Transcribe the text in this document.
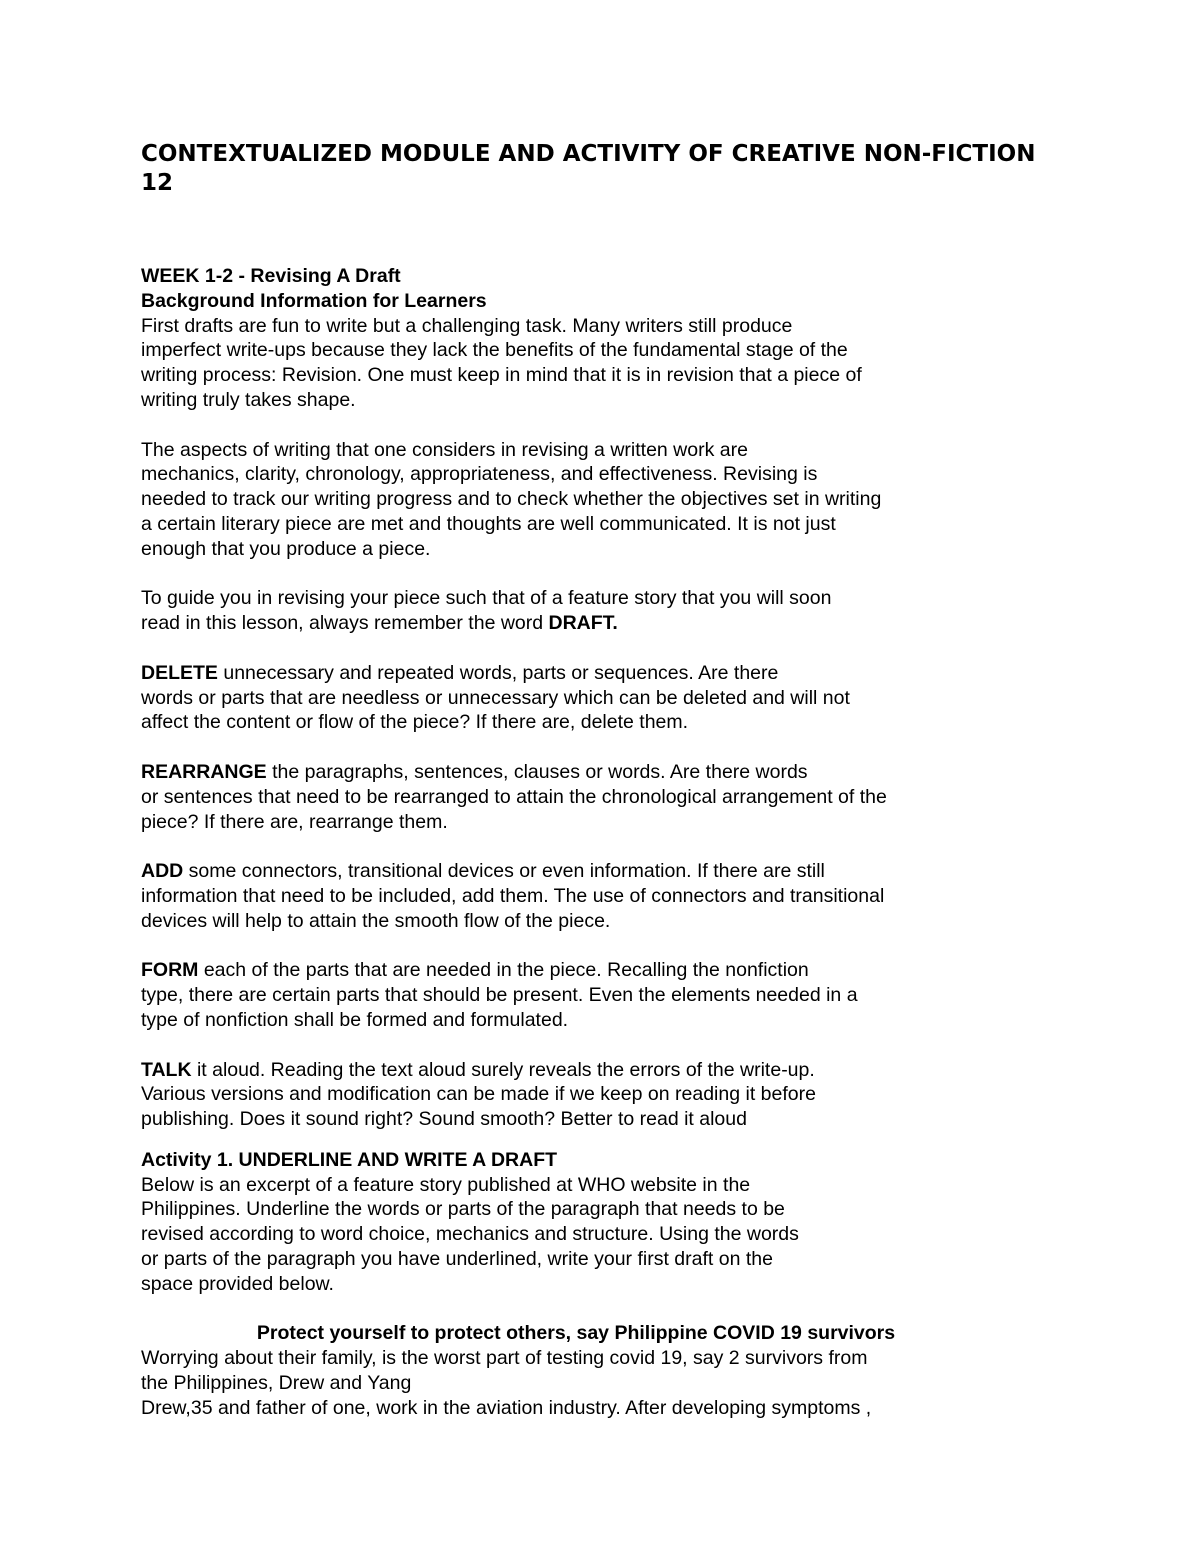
CONTEXTUALIZED MODULE AND ACTIVITY OF CREATIVE NON-FICTION
12
WEEK 1-2 - Revising A Draft
Background Information for Learners
First drafts are fun to write but a challenging task. Many writers still produce
imperfect write-ups because they lack the benefits of the fundamental stage of the
writing process: Revision. One must keep in mind that it is in revision that a piece of
writing truly takes shape.
The aspects of writing that one considers in revising a written work are
mechanics, clarity, chronology, appropriateness, and effectiveness. Revising is
needed to track our writing progress and to check whether the objectives set in writing
a certain literary piece are met and thoughts are well communicated. It is not just
enough that you produce a piece.
To guide you in revising your piece such that of a feature story that you will soon
read in this lesson, always remember the word DRAFT.
DELETE unnecessary and repeated words, parts or sequences. Are there
words or parts that are needless or unnecessary which can be deleted and will not
affect the content or flow of the piece? If there are, delete them.
REARRANGE the paragraphs, sentences, clauses or words. Are there words
or sentences that need to be rearranged to attain the chronological arrangement of the
piece? If there are, rearrange them.
ADD some connectors, transitional devices or even information. If there are still
information that need to be included, add them. The use of connectors and transitional
devices will help to attain the smooth flow of the piece.
FORM each of the parts that are needed in the piece. Recalling the nonfiction
type, there are certain parts that should be present. Even the elements needed in a
type of nonfiction shall be formed and formulated.
TALK it aloud. Reading the text aloud surely reveals the errors of the write-up.
Various versions and modification can be made if we keep on reading it before
publishing. Does it sound right? Sound smooth? Better to read it aloud
Activity 1. UNDERLINE AND WRITE A DRAFT
Below is an excerpt of a feature story published at WHO website in the
Philippines. Underline the words or parts of the paragraph that needs to be
revised according to word choice, mechanics and structure. Using the words
or parts of the paragraph you have underlined, write your first draft on the
space provided below.
Protect yourself to protect others, say Philippine COVID 19 survivors
Worrying about their family, is the worst part of testing covid 19, say 2 survivors from
the Philippines, Drew and Yang
Drew,35 and father of one, work in the aviation industry. After developing symptoms ,
